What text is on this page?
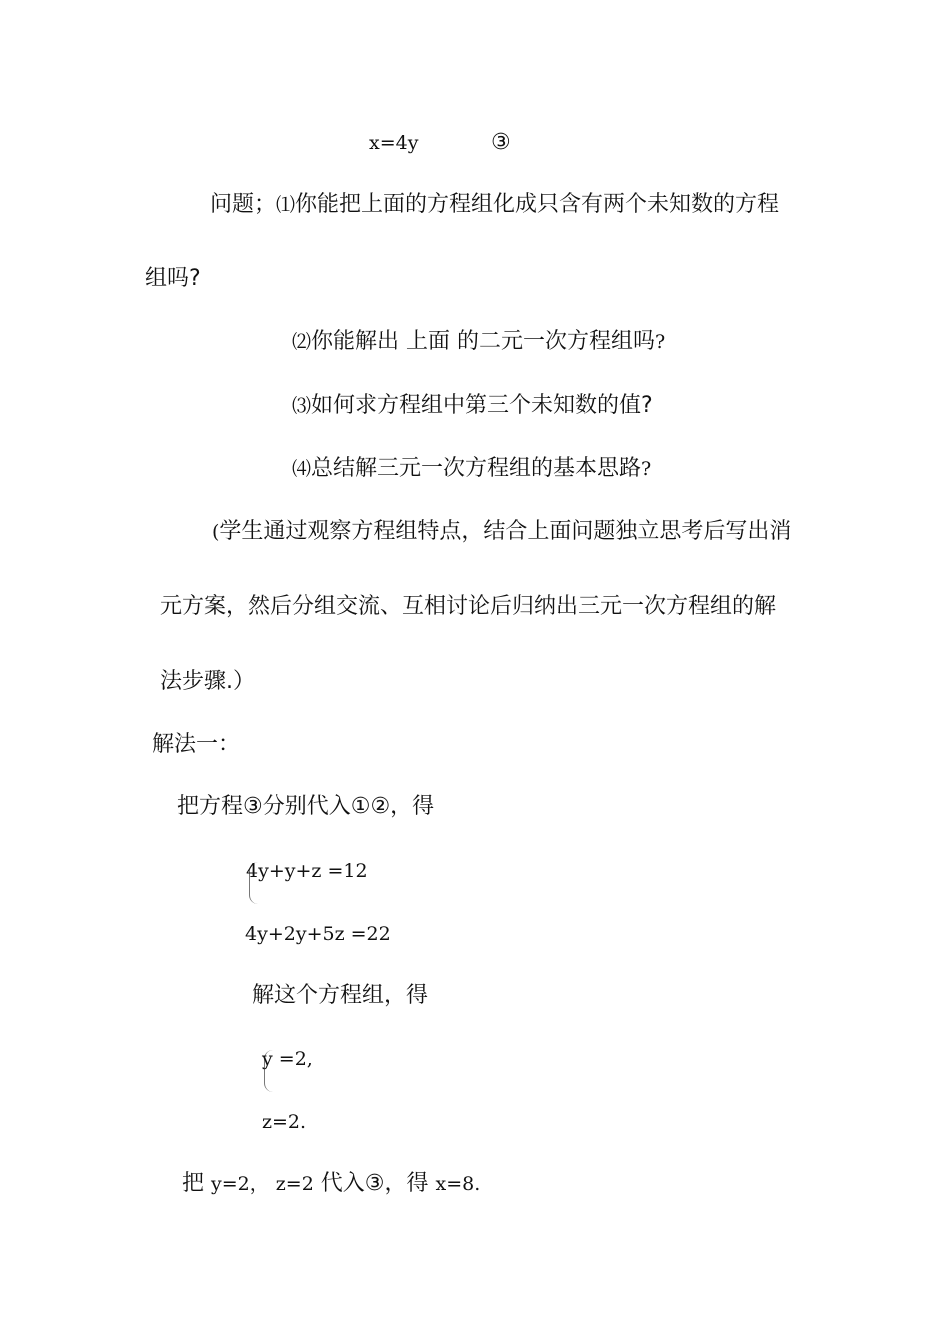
x=4y	③
问题；⑴你能把上面的方程组化成只含有两个未知数的方程
组吗?
⑵你能解出 上面 的二元一次方程组吗?
⑶如何求方程组中第三个未知数的值?
⑷总结解三元一次方程组的基本思路?
(学生通过观察方程组特点，结合上面问题独立思考后写出消
元方案，然后分组交流、互相讨论后归纳出三元一次方程组的解
法步骤.）
解法一：
把方程③分别代入①②，得
4y+y+z =12
4y+2y+5z =22
解这个方程组，得
y =2,
z=2.
把 y=2， z=2 代入③，得 x=8.
